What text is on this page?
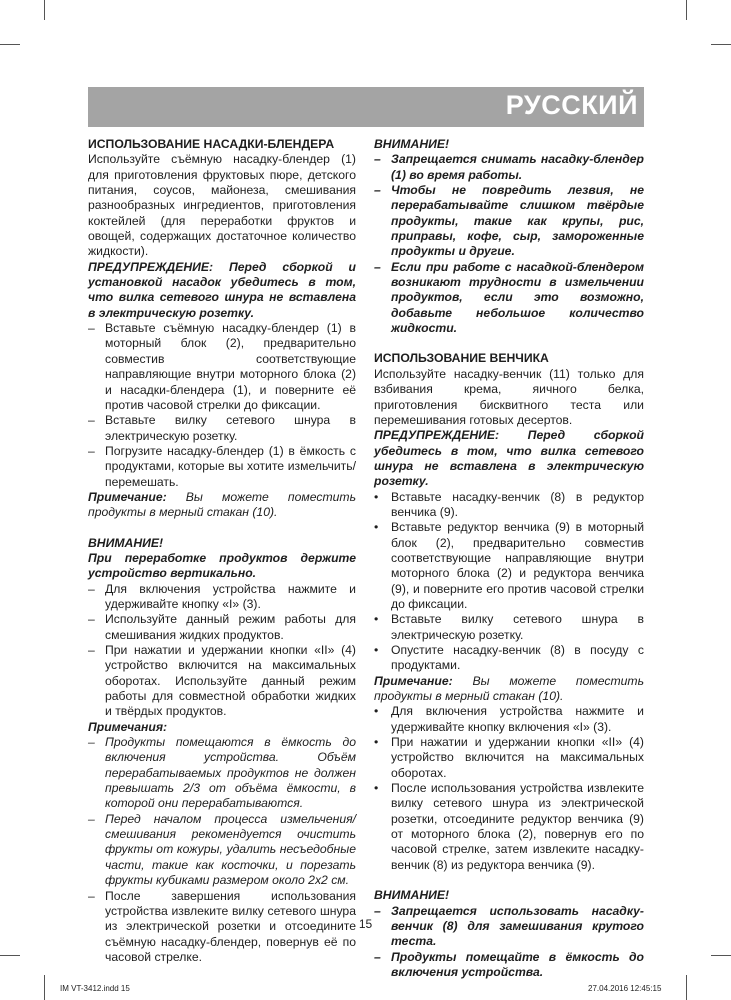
РУССКИЙ
ИСПОЛЬЗОВАНИЕ НАСАДКИ-БЛЕНДЕРА
Используйте съёмную насадку-блендер (1) для приготовления фруктовых пюре, детского питания, соусов, майонеза, смешивания разнообразных ингредиентов, приготовления коктейлей (для переработки фруктов и овощей, содержащих достаточное количество жидкости).
ПРЕДУПРЕЖДЕНИЕ: Перед сборкой и установкой насадок убедитесь в том, что вилка сетевого шнура не вставлена в электрическую розетку.
– Вставьте съёмную насадку-блендер (1) в моторный блок (2), предварительно совместив соответствующие направляющие внутри моторного блока (2) и насадки-блендера (1), и поверните её против часовой стрелки до фиксации.
– Вставьте вилку сетевого шнура в электрическую розетку.
– Погрузите насадку-блендер (1) в ёмкость с продуктами, которые вы хотите измельчить/перемешать.
Примечание: Вы можете поместить продукты в мерный стакан (10).
ВНИМАНИЕ!
При переработке продуктов держите устройство вертикально.
– Для включения устройства нажмите и удерживайте кнопку «I» (3).
– Используйте данный режим работы для смешивания жидких продуктов.
– При нажатии и удержании кнопки «II» (4) устройство включится на максимальных оборотах. Используйте данный режим работы для совместной обработки жидких и твёрдых продуктов.
Примечания:
– Продукты помещаются в ёмкость до включения устройства. Объём перерабатываемых продуктов не должен превышать 2/3 от объёма ёмкости, в которой они перерабатываются.
– Перед началом процесса измельчения/смешивания рекомендуется очистить фрукты от кожуры, удалить несъедобные части, такие как косточки, и порезать фрукты кубиками размером около 2х2 см.
– После завершения использования устройства извлеките вилку сетевого шнура из электрической розетки и отсоедините съёмную насадку-блендер, повернув её по часовой стрелке.
ВНИМАНИЕ!
– Запрещается снимать насадку-блендер (1) во время работы.
– Чтобы не повредить лезвия, не перерабатывайте слишком твёрдые продукты, такие как крупы, рис, приправы, кофе, сыр, замороженные продукты и другие.
– Если при работе с насадкой-блендером возникают трудности в измельчении продуктов, если это возможно, добавьте небольшое количество жидкости.
ИСПОЛЬЗОВАНИЕ ВЕНЧИКА
Используйте насадку-венчик (11) только для взбивания крема, яичного белка, приготовления бисквитного теста или перемешивания готовых десертов.
ПРЕДУПРЕЖДЕНИЕ: Перед сборкой убедитесь в том, что вилка сетевого шнура не вставлена в электрическую розетку.
•	Вставьте насадку-венчик (8) в редуктор венчика (9).
•	Вставьте редуктор венчика (9) в моторный блок (2), предварительно совместив соответствующие направляющие внутри моторного блока (2) и редуктора венчика (9), и поверните его против часовой стрелки до фиксации.
•	Вставьте вилку сетевого шнура в электрическую розетку.
•	Опустите насадку-венчик (8) в посуду с продуктами.
Примечание: Вы можете поместить продукты в мерный стакан (10).
•	Для включения устройства нажмите и удерживайте кнопку включения «I» (3).
•	При нажатии и удержании кнопки «II» (4) устройство включится на максимальных оборотах.
•	После использования устройства извлеките вилку сетевого шнура из электрической розетки, отсоедините редуктор венчика (9) от моторного блока (2), повернув его по часовой стрелке, затем извлеките насадку-венчик (8) из редуктора венчика (9).
ВНИМАНИЕ!
– Запрещается использовать насадку-венчик (8) для замешивания крутого теста.
– Продукты помещайте в ёмкость до включения устройства.
15
IM VT-3412.indd 15	27.04.2016 12:45:15
